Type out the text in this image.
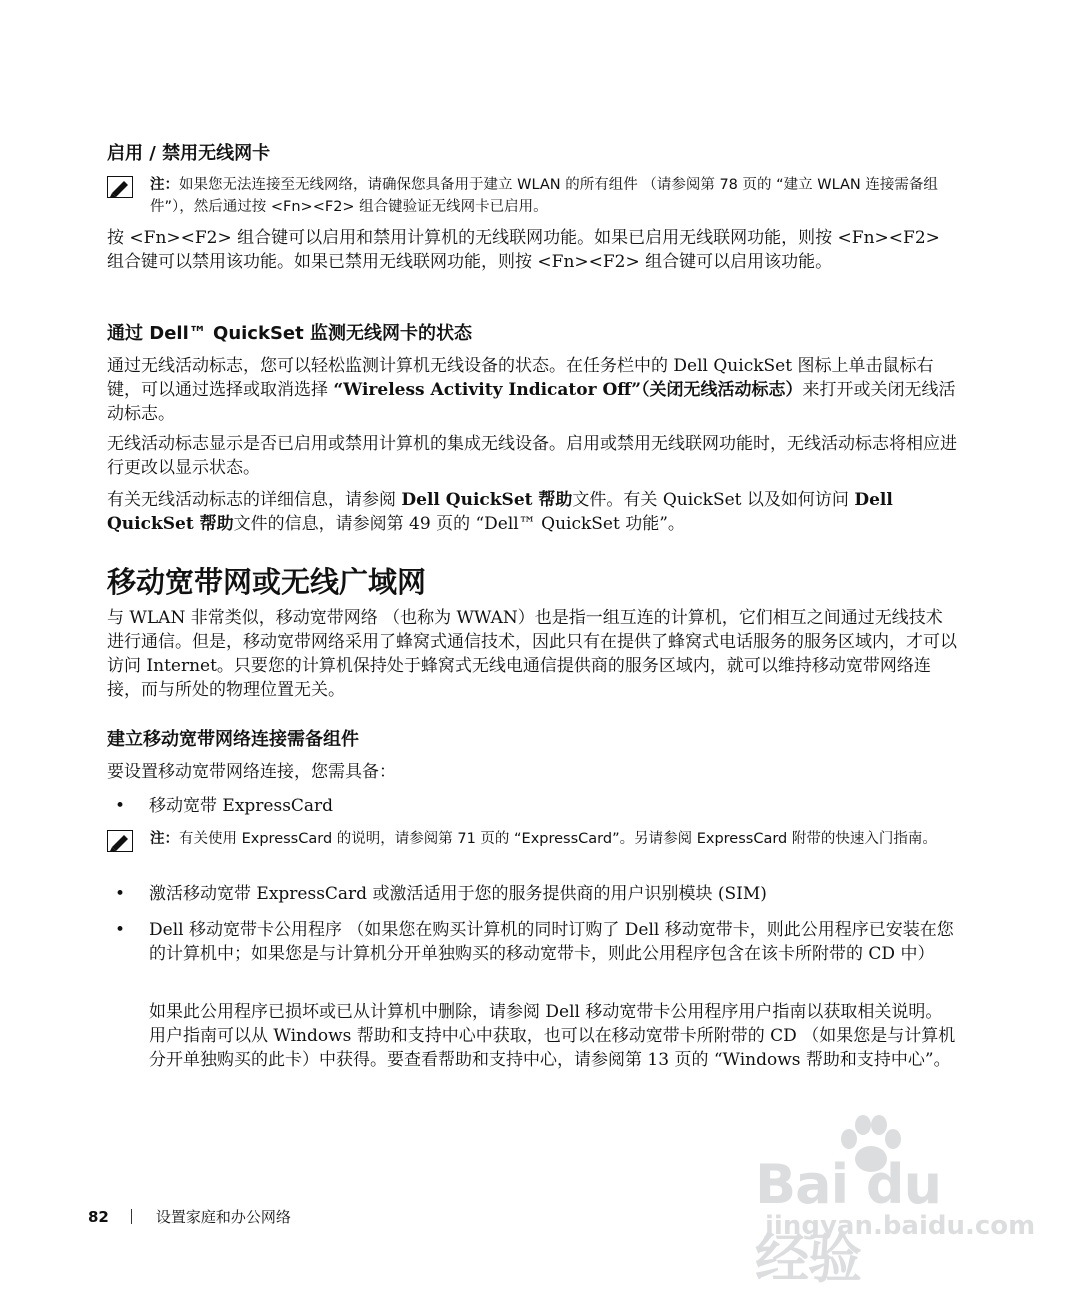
启用 / 禁用无线网卡

注：如果您无法连接至无线网络，请确保您具备用于建立 WLAN 的所有组件 （请参阅第 78 页的 “建立 WLAN 连接需备组件”），然后通过按 <Fn><F2> 组合键验证无线网卡已启用。

按 <Fn><F2> 组合键可以启用和禁用计算机的无线联网功能。如果已启用无线联网功能，则按 <Fn><F2> 组合键可以禁用该功能。如果已禁用无线联网功能，则按 <Fn><F2> 组合键可以启用该功能。

通过 Dell™ QuickSet 监测无线网卡的状态

通过无线活动标志，您可以轻松监测计算机无线设备的状态。在任务栏中的 Dell QuickSet 图标上单击鼠标右键，可以通过选择或取消选择 “Wireless Activity Indicator Off”（关闭无线活动标志）来打开或关闭无线活动标志。

无线活动标志显示是否已启用或禁用计算机的集成无线设备。启用或禁用无线联网功能时，无线活动标志将相应进行更改以显示状态。

有关无线活动标志的详细信息，请参阅 Dell QuickSet 帮助文件。有关 QuickSet 以及如何访问 Dell QuickSet 帮助文件的信息，请参阅第 49 页的 “Dell™ QuickSet 功能”。

移动宽带网或无线广域网

与 WLAN 非常类似，移动宽带网络 （也称为 WWAN）也是指一组互连的计算机，它们相互之间通过无线技术进行通信。但是，移动宽带网络采用了蜂窝式通信技术，因此只有在提供了蜂窝式电话服务的服务区域内，才可以访问 Internet。只要您的计算机保持处于蜂窝式无线电通信提供商的服务区域内，就可以维持移动宽带网络连接，而与所处的物理位置无关。

建立移动宽带网络连接需备组件

要设置移动宽带网络连接，您需具备：

• 移动宽带 ExpressCard

注：有关使用 ExpressCard 的说明，请参阅第 71 页的 “ExpressCard”。另请参阅 ExpressCard 附带的快速入门指南。

• 激活移动宽带 ExpressCard 或激活适用于您的服务提供商的用户识别模块 (SIM)

• Dell 移动宽带卡公用程序 （如果您在购买计算机的同时订购了 Dell 移动宽带卡，则此公用程序已安装在您的计算机中；如果您是与计算机分开单独购买的移动宽带卡，则此公用程序包含在该卡所附带的 CD 中）

如果此公用程序已损坏或已从计算机中删除，请参阅 Dell 移动宽带卡公用程序用户指南以获取相关说明。用户指南可以从 Windows 帮助和支持中心中获取，也可以在移动宽带卡所附带的 CD （如果您是与计算机分开单独购买的此卡）中获得。要查看帮助和支持中心，请参阅第 13 页的 “Windows 帮助和支持中心”。

82	设置家庭和办公网络
Bai du 经验
jingyan.baidu.com
